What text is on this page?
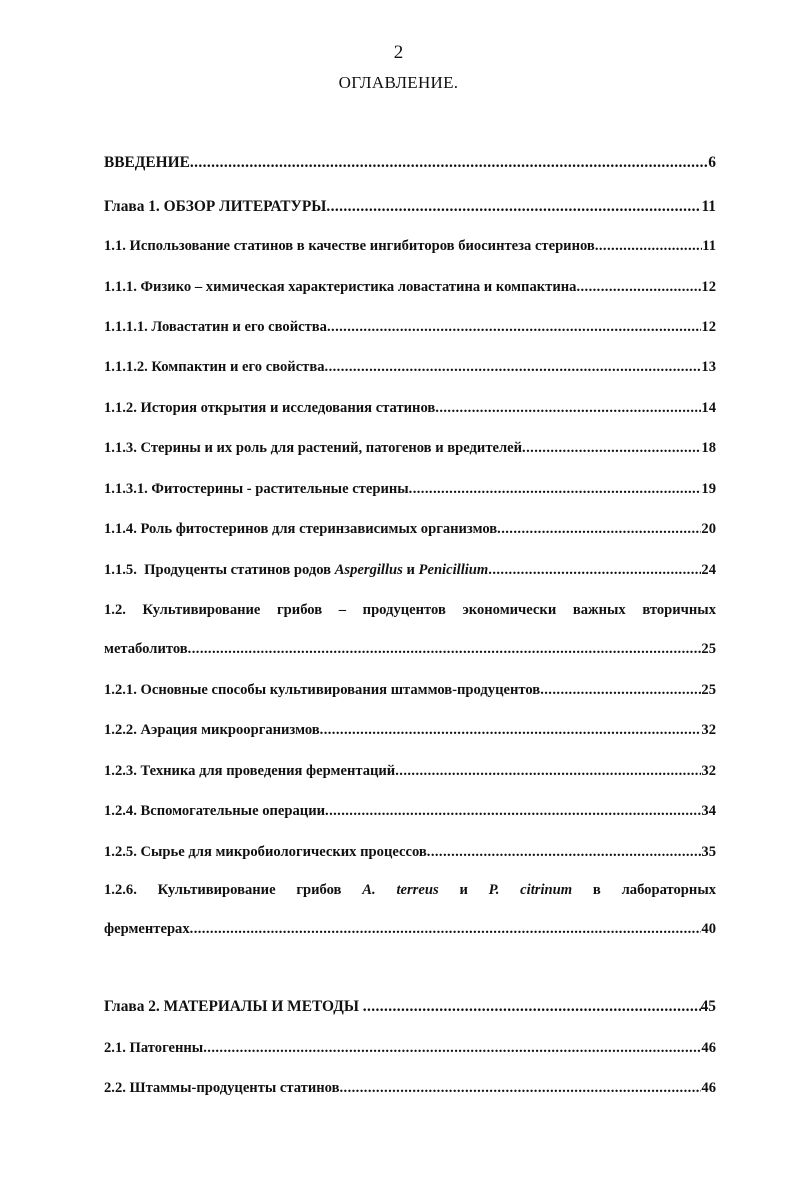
2
ОГЛАВЛЕНИЕ.
ВВЕДЕНИЕ .....	6
Глава 1. ОБЗОР ЛИТЕРАТУРЫ .....	11
1.1. Использование статинов в качестве ингибиторов биосинтеза стеринов .....	11
1.1.1. Физико – химическая характеристика ловастатина и компактина .....	12
1.1.1.1. Ловастатин и его свойства .....	12
1.1.1.2. Компактин и его свойства .....	13
1.1.2. История открытия и исследования статинов .....	14
1.1.3. Стерины и их роль для растений, патогенов и вредителей .....	18
1.1.3.1. Фитостерины - растительные стерины .....	19
1.1.4. Роль фитостеринов для стеринзависимых организмов .....	20
1.1.5.  Продуценты статинов родов Aspergillus и Penicillium .....	24
1.2. Культивирование грибов – продуцентов экономически важных вторичных
метаболитов .....	25
1.2.1. Основные способы культивирования штаммов-продуцентов .....	25
1.2.2. Аэрация микроорганизмов .....	32
1.2.3. Техника для проведения ферментаций .....	32
1.2.4. Вспомогательные операции .....	34
1.2.5. Сырье для микробиологических процессов .....	35
1.2.6. Культивирование грибов A. terreus и P. citrinum в лабораторных
ферментерах .....	40
Глава 2. МАТЕРИАЛЫ И МЕТОДЫ .....	45
2.1. Патогенны .....	46
2.2. Штаммы-продуценты статинов .....	46
